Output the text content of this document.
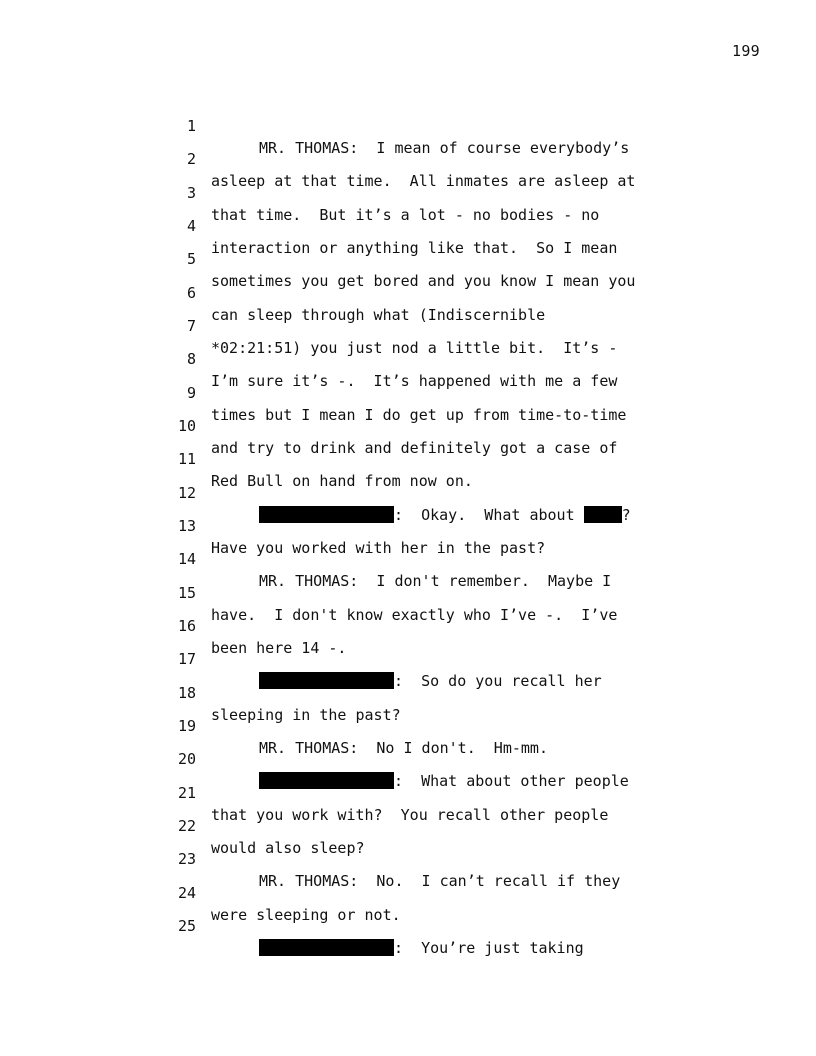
199

1

MR. THOMAS:  I mean of course everybody’s

2

asleep at that time.  All inmates are asleep at

3

that time.  But it’s a lot - no bodies - no

4

interaction or anything like that.  So I mean

5

sometimes you get bored and you know I mean you

6

can sleep through what (Indiscernible

7

*02:21:51) you just nod a little bit.  It’s -

8

I’m sure it’s -.  It’s happened with me a few

9

times but I mean I do get up from time-to-time

10

and try to drink and definitely got a case of

11

Red Bull on hand from now on.

12

:  Okay.  What about	?

13

Have you worked with her in the past?

14

MR. THOMAS:  I don't remember.  Maybe I

15

have.  I don't know exactly who I’ve -.  I’ve

16

been here 14 -.

17

:  So do you recall her

18

sleeping in the past?

19

MR. THOMAS:  No I don't.  Hm-mm.

20

:  What about other people

21

that you work with?  You recall other people

22

would also sleep?

23

MR. THOMAS:  No.  I can’t recall if they

24

were sleeping or not.

25

:  You’re just taking
